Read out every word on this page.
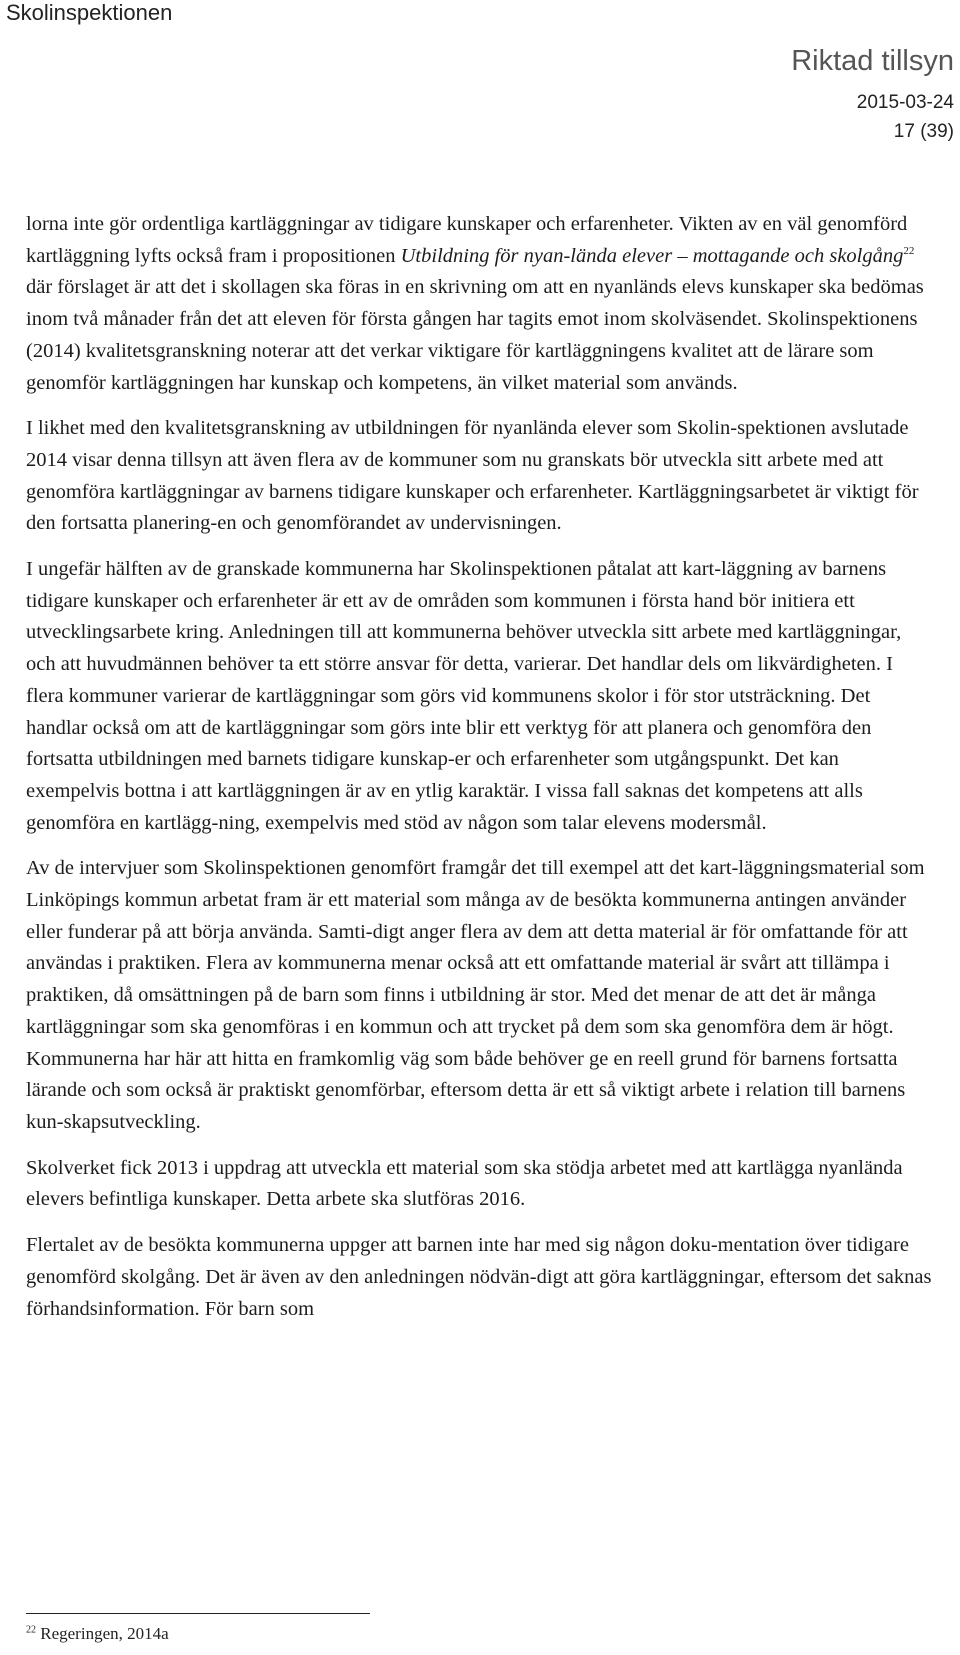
Skolinspektionen
Riktad tillsyn
2015-03-24
17 (39)

lorna inte gör ordentliga kartläggningar av tidigare kunskaper och erfarenheter. Vikten av en väl genomförd kartläggning lyfts också fram i propositionen Utbildning för nyan-lända elever – mottagande och skolgång$^{22}$ där förslaget är att det i skollagen ska föras in en skrivning om att en nyanländs elevs kunskaper ska bedömas inom två månader från det att eleven för första gången har tagits emot inom skolväsendet. Skolinspektionens (2014) kvalitetsgranskning noterar att det verkar viktigare för kartläggningens kvalitet att de lärare som genomför kartläggningen har kunskap och kompetens, än vilket material som används.

I likhet med den kvalitetsgranskning av utbildningen för nyanlända elever som Skolin-spektionen avslutade 2014 visar denna tillsyn att även flera av de kommuner som nu granskats bör utveckla sitt arbete med att genomföra kartläggningar av barnens tidigare kunskaper och erfarenheter. Kartläggningsarbetet är viktigt för den fortsatta planering-en och genomförandet av undervisningen.

I ungefär hälften av de granskade kommunerna har Skolinspektionen påtalat att kart-läggning av barnens tidigare kunskaper och erfarenheter är ett av de områden som kommunen i första hand bör initiera ett utvecklingsarbete kring. Anledningen till att kommunerna behöver utveckla sitt arbete med kartläggningar, och att huvudmännen behöver ta ett större ansvar för detta, varierar. Det handlar dels om likvärdigheten. I flera kommuner varierar de kartläggningar som görs vid kommunens skolor i för stor utsträckning. Det handlar också om att de kartläggningar som görs inte blir ett verktyg för att planera och genomföra den fortsatta utbildningen med barnets tidigare kunskap-er och erfarenheter som utgångspunkt. Det kan exempelvis bottna i att kartläggningen är av en ytlig karaktär. I vissa fall saknas det kompetens att alls genomföra en kartlägg-ning, exempelvis med stöd av någon som talar elevens modersmål.

Av de intervjuer som Skolinspektionen genomfört framgår det till exempel att det kart-läggningsmaterial som Linköpings kommun arbetat fram är ett material som många av de besökta kommunerna antingen använder eller funderar på att börja använda. Samti-digt anger flera av dem att detta material är för omfattande för att användas i praktiken. Flera av kommunerna menar också att ett omfattande material är svårt att tillämpa i praktiken, då omsättningen på de barn som finns i utbildning är stor. Med det menar de att det är många kartläggningar som ska genomföras i en kommun och att trycket på dem som ska genomföra dem är högt. Kommunerna har här att hitta en framkomlig väg som både behöver ge en reell grund för barnens fortsatta lärande och som också är praktiskt genomförbar, eftersom detta är ett så viktigt arbete i relation till barnens kun-skapsutveckling.

Skolverket fick 2013 i uppdrag att utveckla ett material som ska stödja arbetet med att kartlägga nyanlända elevers befintliga kunskaper. Detta arbete ska slutföras 2016.

Flertalet av de besökta kommunerna uppger att barnen inte har med sig någon doku-mentation över tidigare genomförd skolgång. Det är även av den anledningen nödvän-digt att göra kartläggningar, eftersom det saknas förhandsinformation. För barn som

$^{22}$ Regeringen, 2014a
